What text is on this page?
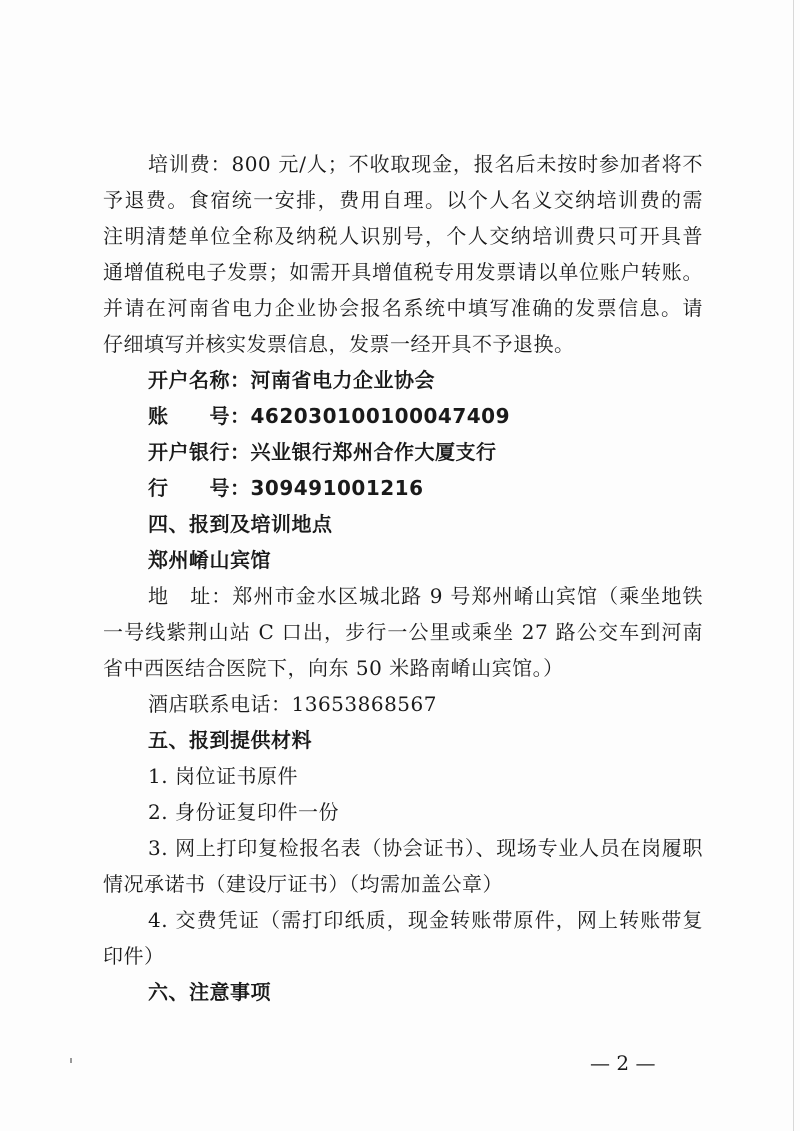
培训费：800 元/人；不收取现金，报名后未按时参加者将不
予退费。食宿统一安排，费用自理。以个人名义交纳培训费的需
注明清楚单位全称及纳税人识别号，个人交纳培训费只可开具普
通增值税电子发票；如需开具增值税专用发票请以单位账户转账。
并请在河南省电力企业协会报名系统中填写准确的发票信息。请
仔细填写并核实发票信息，发票一经开具不予退换。
开户名称：河南省电力企业协会
账　　号：462030100100047409
开户银行：兴业银行郑州合作大厦支行
行　　号：309491001216
四、报到及培训地点
郑州崤山宾馆
地　址：郑州市金水区城北路 9 号郑州崤山宾馆（乘坐地铁
一号线紫荆山站 C 口出，步行一公里或乘坐 27 路公交车到河南
省中西医结合医院下，向东 50 米路南崤山宾馆。）
酒店联系电话：13653868567
五、报到提供材料
1. 岗位证书原件
2. 身份证复印件一份
3. 网上打印复检报名表（协会证书）、现场专业人员在岗履职
情况承诺书（建设厅证书）（均需加盖公章）
4. 交费凭证（需打印纸质，现金转账带原件，网上转账带复
印件）
六、注意事项
— 2 —
